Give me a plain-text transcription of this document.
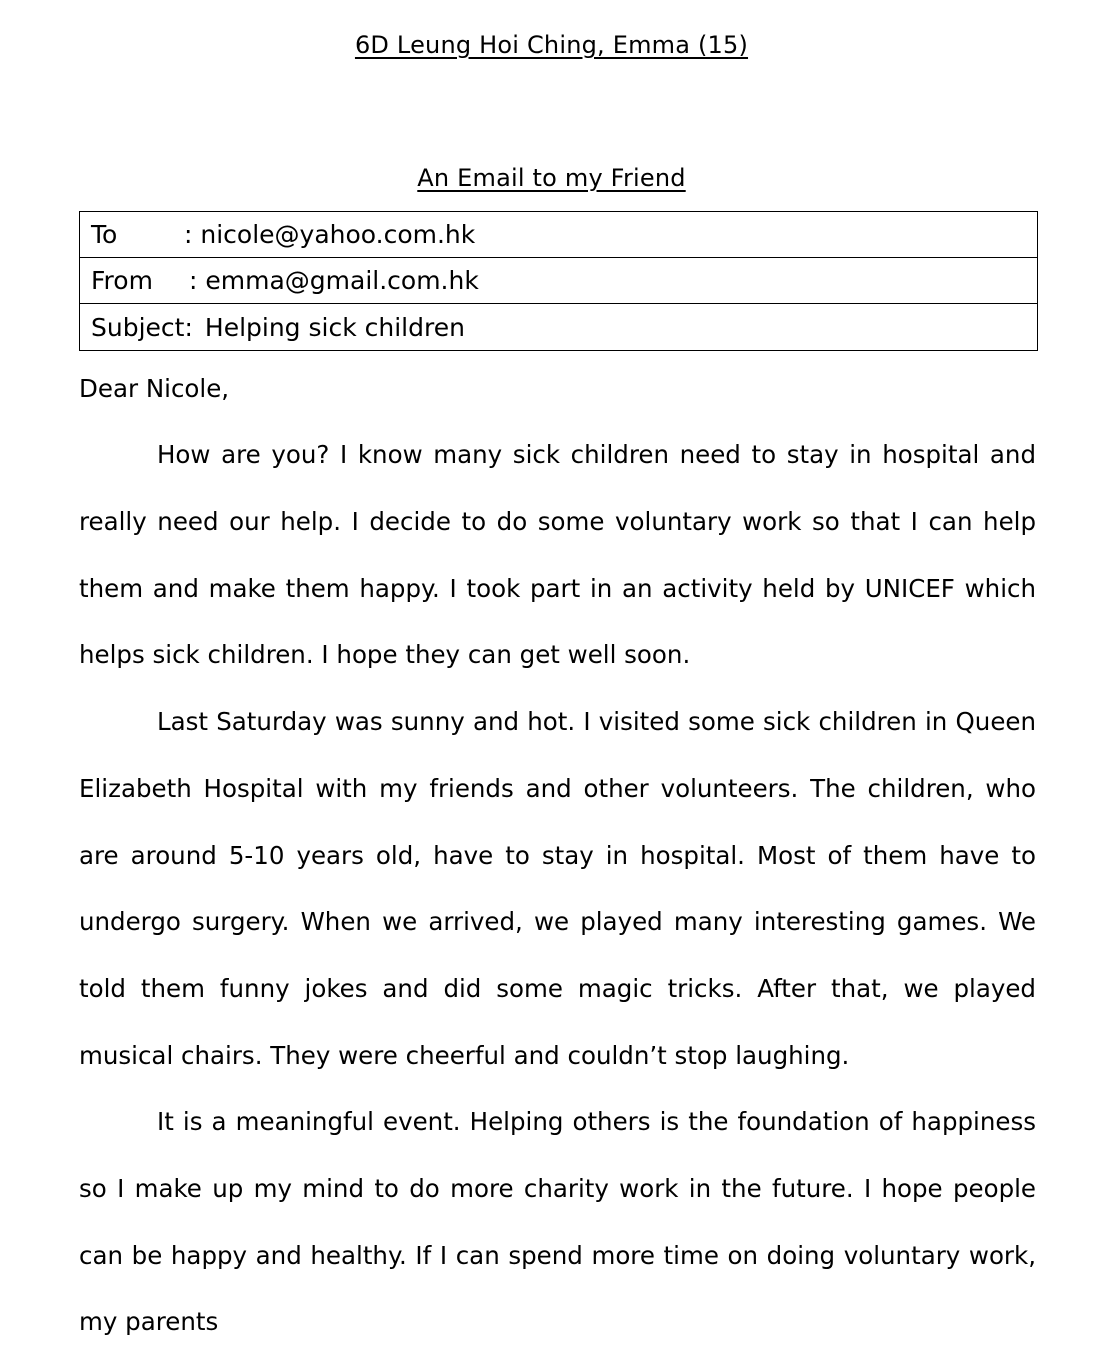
6D Leung Hoi Ching, Emma (15)
An Email to my Friend
To	: nicole@yahoo.com.hk
From	: emma@gmail.com.hk
Subject: Helping sick children
Dear Nicole,

How are you? I know many sick children need to stay in hospital and really need our help. I decide to do some voluntary work so that I can help them and make them happy. I took part in an activity held by UNICEF which helps sick children. I hope they can get well soon.

Last Saturday was sunny and hot. I visited some sick children in Queen Elizabeth Hospital with my friends and other volunteers. The children, who are around 5-10 years old, have to stay in hospital. Most of them have to undergo surgery. When we arrived, we played many interesting games. We told them funny jokes and did some magic tricks. After that, we played musical chairs. They were cheerful and couldn’t stop laughing.

It is a meaningful event. Helping others is the foundation of happiness so I make up my mind to do more charity work in the future. I hope people can be happy and healthy. If I can spend more time on doing voluntary work, my parents
